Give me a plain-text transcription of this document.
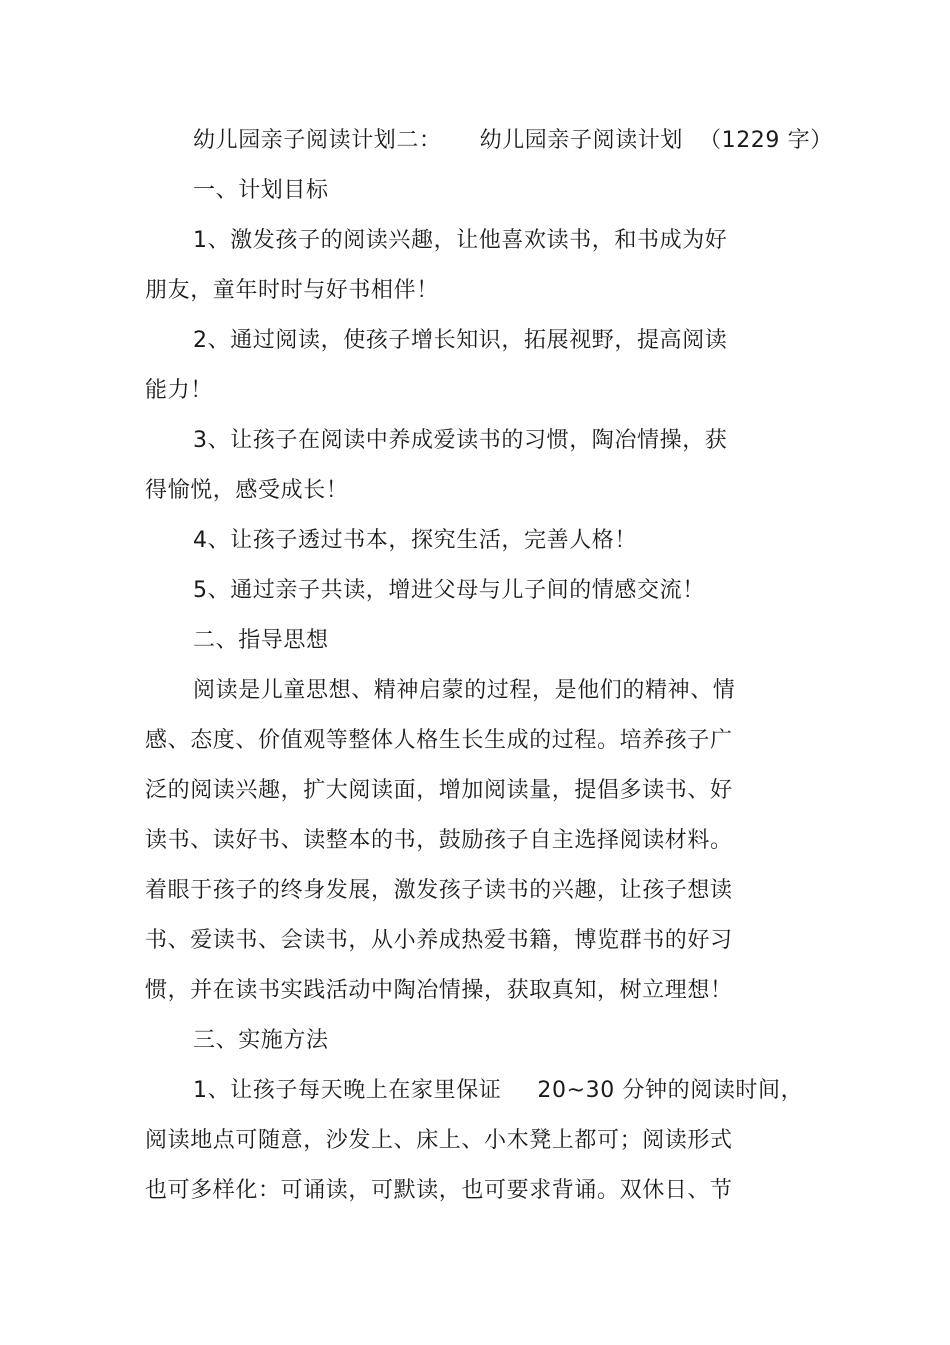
幼儿园亲子阅读计划二： 幼儿园亲子阅读计划 （1229 字）
一、计划目标
1、激发孩子的阅读兴趣，让他喜欢读书，和书成为好
朋友，童年时时与好书相伴！
2、通过阅读，使孩子增长知识，拓展视野，提高阅读
能力！
3、让孩子在阅读中养成爱读书的习惯，陶冶情操，获
得愉悦，感受成长！
4、让孩子透过书本，探究生活，完善人格！
5、通过亲子共读，增进父母与儿子间的情感交流！
二、指导思想
阅读是儿童思想、精神启蒙的过程，是他们的精神、情
感、态度、价值观等整体人格生长生成的过程。培养孩子广
泛的阅读兴趣，扩大阅读面，增加阅读量，提倡多读书、好
读书、读好书、读整本的书，鼓励孩子自主选择阅读材料。
着眼于孩子的终身发展，激发孩子读书的兴趣，让孩子想读
书、爱读书、会读书，从小养成热爱书籍，博览群书的好习
惯，并在读书实践活动中陶冶情操，获取真知，树立理想！
三、实施方法
1、让孩子每天晚上在家里保证 20~30 分钟的阅读时间，
阅读地点可随意，沙发上、床上、小木凳上都可；阅读形式
也可多样化：可诵读，可默读，也可要求背诵。双休日、节
